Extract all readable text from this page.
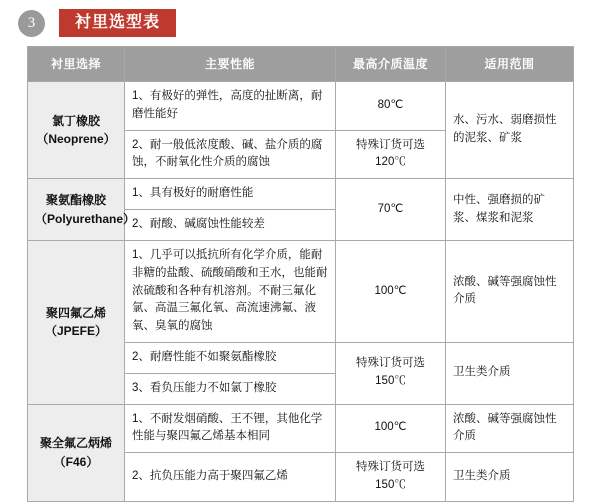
3	衬里选型表
衬里选择	主要性能	最高介质温度	适用范围
氯丁橡胶
（Neoprene）	1、有极好的弹性，高度的扯断离，耐磨性能好	80℃	水、污水、弱磨损性的泥浆、矿浆
	2、耐一般低浓度酸、碱、盐介质的腐蚀，不耐氧化性介质的腐蚀	特殊订货可选120℃	
聚氨酯橡胶
（Polyurethane）	1、具有极好的耐磨性能	70℃	中性、强磨损的矿浆、煤浆和泥浆
	2、耐酸、碱腐蚀性能较差		
聚四氟乙烯
（JPEFE）	1、几乎可以抵抗所有化学介质，能耐非糖的盐酸、硫酸硝酸和王水，也能耐浓硫酸和各种有机溶剂。不耐三氟化氯、高温三氟化氧、高流速沸氟、液氧、臭氧的腐蚀	100℃	浓酸、碱等强腐蚀性介质
	2、耐磨性能不如聚氨酯橡胶	特殊订货可选150℃	卫生类介质
	3、看负压能力不如氯丁橡胶		
聚全氟乙炳烯
（F46）	1、不耐发烟硝酸、王不锂，其他化学性能与聚四氟乙烯基本相同	100℃	浓酸、碱等强腐蚀性介质
	2、抗负压能力高于聚四氟乙烯	特殊订货可选150℃	卫生类介质
